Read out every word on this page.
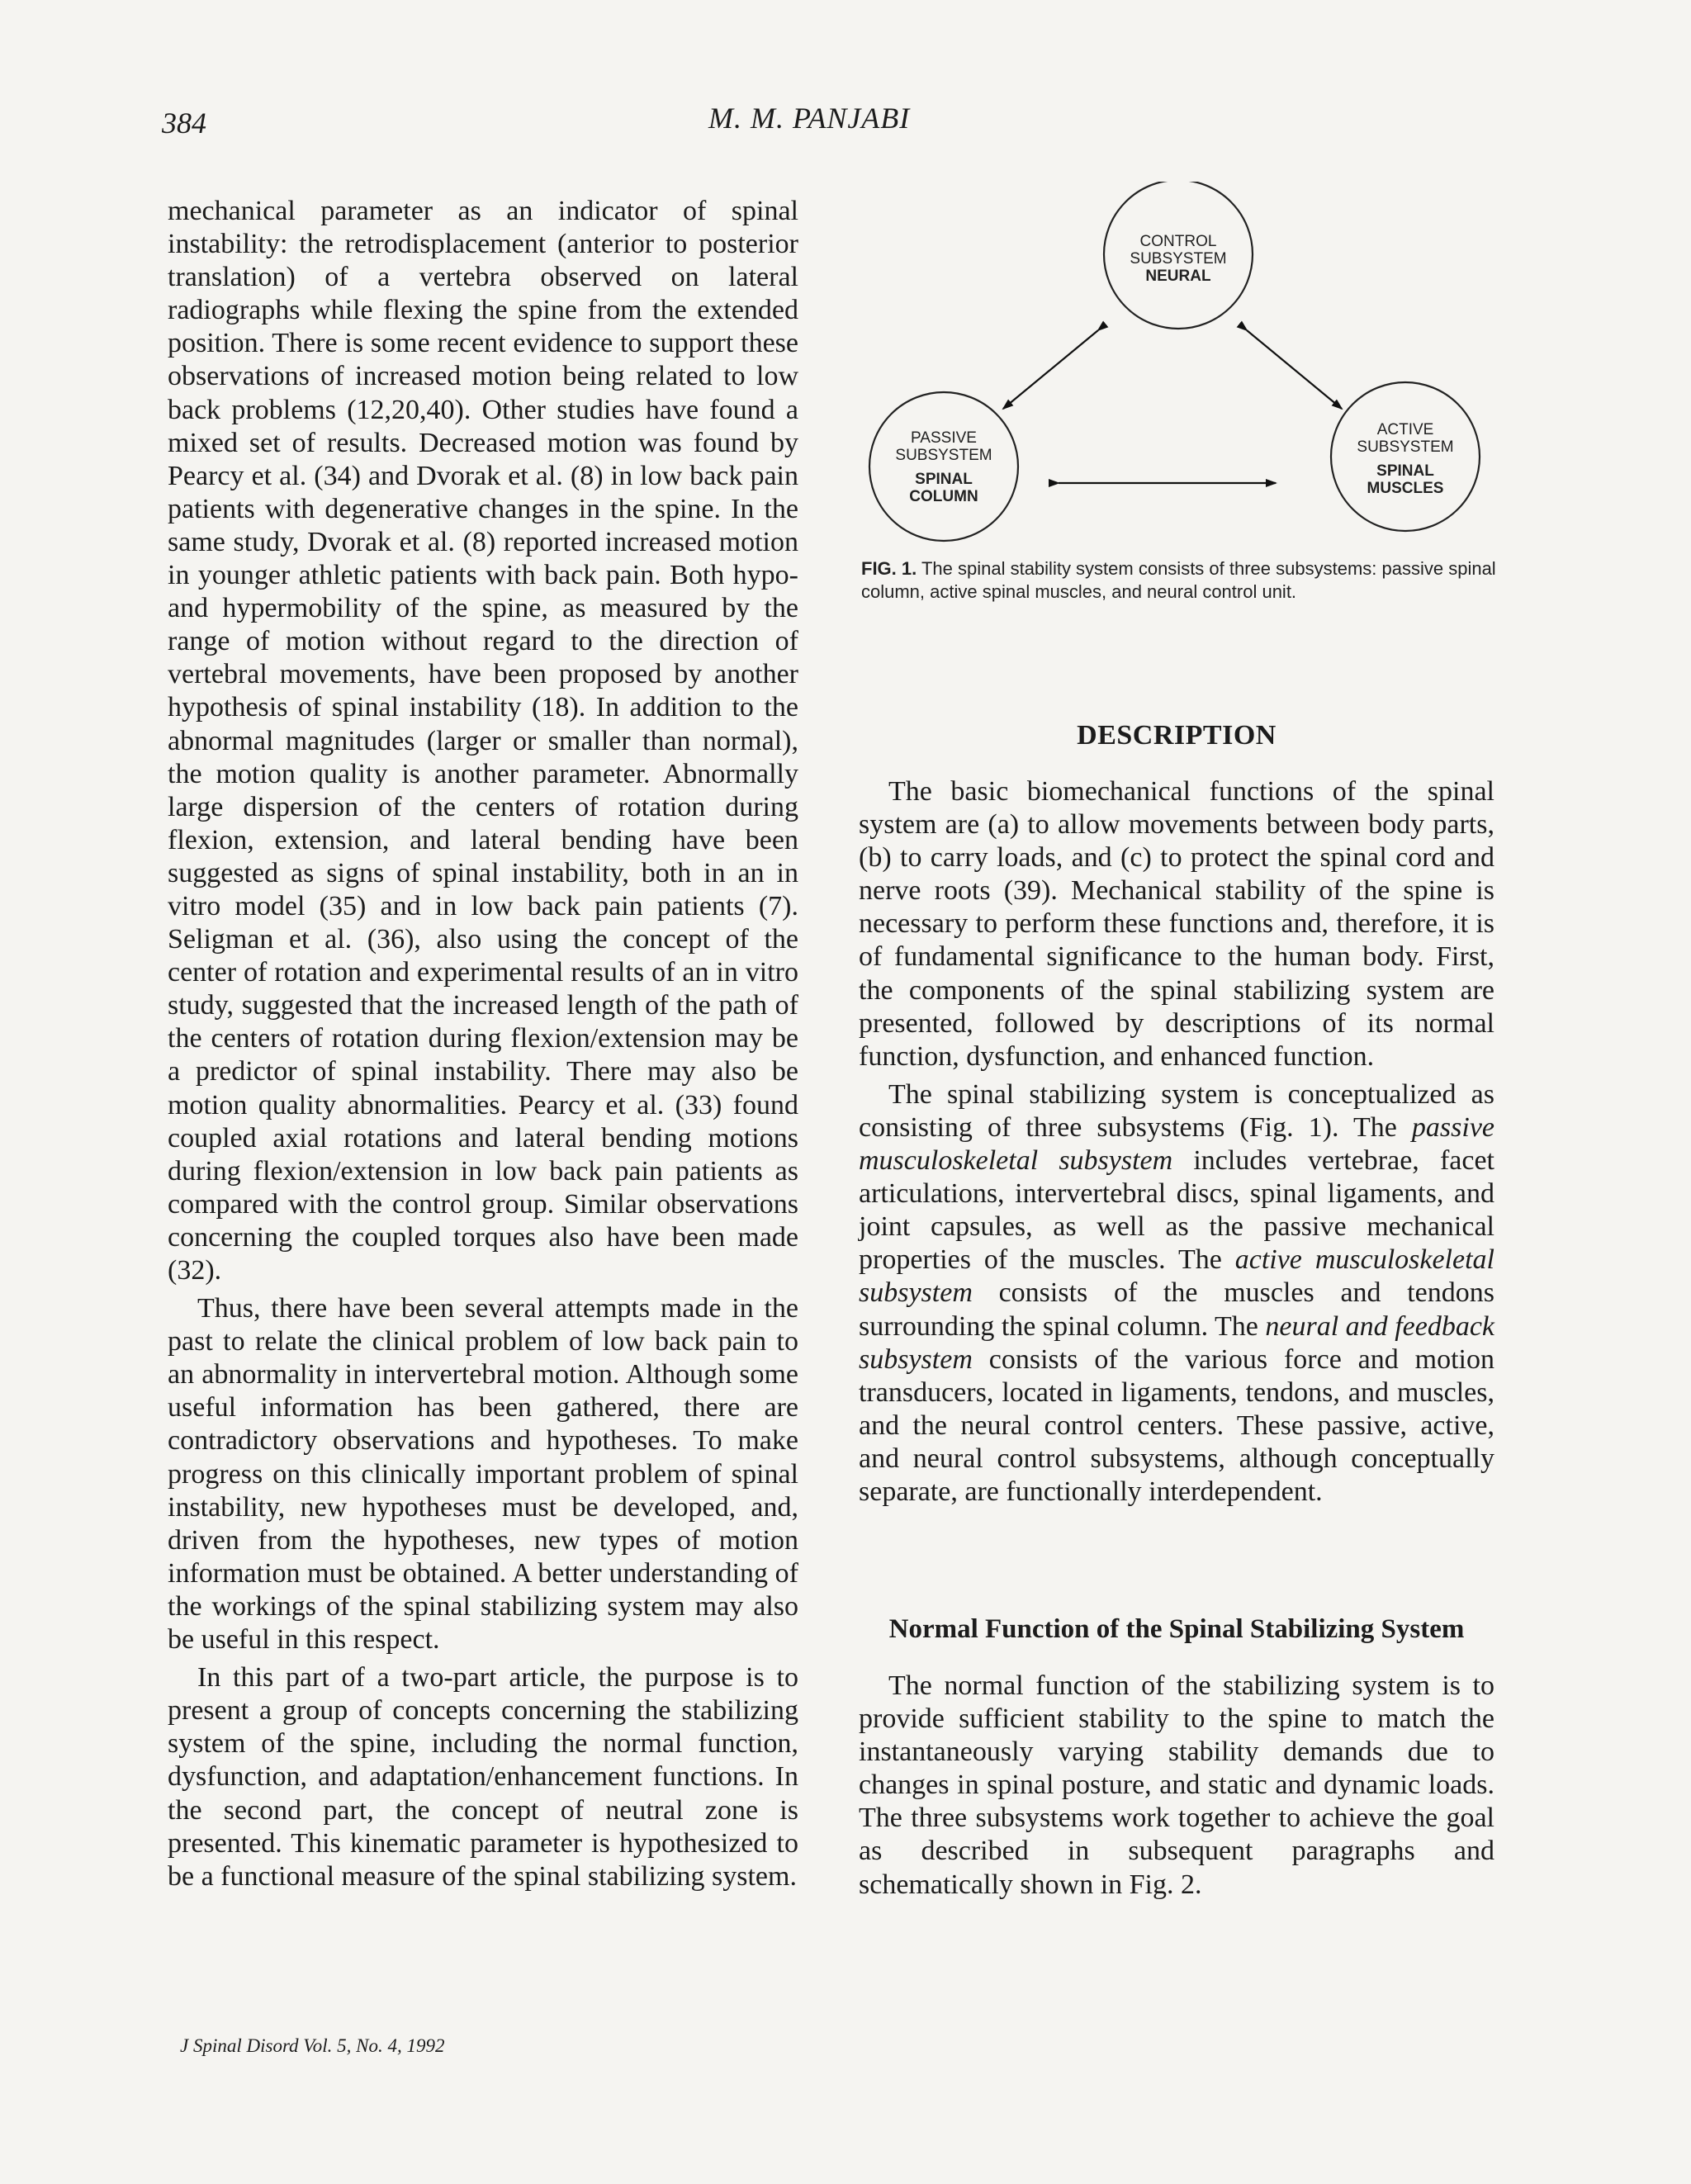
384	M. M. PANJABI

mechanical parameter as an indicator of spinal instability: the retrodisplacement (anterior to posterior translation) of a vertebra observed on lateral radiographs while flexing the spine from the extended position. There is some recent evidence to support these observations of increased motion being related to low back problems (12,20,40). Other studies have found a mixed set of results. Decreased motion was found by Pearcy et al. (34) and Dvorak et al. (8) in low back pain patients with degenerative changes in the spine. In the same study, Dvorak et al. (8) reported increased motion in younger athletic patients with back pain. Both hypo- and hypermobility of the spine, as measured by the range of motion without regard to the direction of vertebral movements, have been proposed by another hypothesis of spinal instability (18). In addition to the abnormal magnitudes (larger or smaller than normal), the motion quality is another parameter. Abnormally large dispersion of the centers of rotation during flexion, extension, and lateral bending have been suggested as signs of spinal instability, both in an in vitro model (35) and in low back pain patients (7). Seligman et al. (36), also using the concept of the center of rotation and experimental results of an in vitro study, suggested that the increased length of the path of the centers of rotation during flexion/extension may be a predictor of spinal instability. There may also be motion quality abnormalities. Pearcy et al. (33) found coupled axial rotations and lateral bending motions during flexion/extension in low back pain patients as compared with the control group. Similar observations concerning the coupled torques also have been made (32).

Thus, there have been several attempts made in the past to relate the clinical problem of low back pain to an abnormality in intervertebral motion. Although some useful information has been gathered, there are contradictory observations and hypotheses. To make progress on this clinically important problem of spinal instability, new hypotheses must be developed, and, driven from the hypotheses, new types of motion information must be obtained. A better understanding of the workings of the spinal stabilizing system may also be useful in this respect.

In this part of a two-part article, the purpose is to present a group of concepts concerning the stabilizing system of the spine, including the normal function, dysfunction, and adaptation/enhancement functions. In the second part, the concept of neutral zone is presented. This kinematic parameter is hypothesized to be a functional measure of the spinal stabilizing system.

CONTROL
SUBSYSTEM
NEURAL
PASSIVE
SUBSYSTEM
SPINAL
COLUMN
ACTIVE
SUBSYSTEM
SPINAL
MUSCLES
FIG. 1. The spinal stability system consists of three subsystems: passive spinal column, active spinal muscles, and neural control unit.
DESCRIPTION

The basic biomechanical functions of the spinal system are (a) to allow movements between body parts, (b) to carry loads, and (c) to protect the spinal cord and nerve roots (39). Mechanical stability of the spine is necessary to perform these functions and, therefore, it is of fundamental significance to the human body. First, the components of the spinal stabilizing system are presented, followed by descriptions of its normal function, dysfunction, and enhanced function.

The spinal stabilizing system is conceptualized as consisting of three subsystems (Fig. 1). The passive musculoskeletal subsystem includes vertebrae, facet articulations, intervertebral discs, spinal ligaments, and joint capsules, as well as the passive mechanical properties of the muscles. The active musculoskeletal subsystem consists of the muscles and tendons surrounding the spinal column. The neural and feedback subsystem consists of the various force and motion transducers, located in ligaments, tendons, and muscles, and the neural control centers. These passive, active, and neural control subsystems, although conceptually separate, are functionally interdependent.

Normal Function of the Spinal Stabilizing System

The normal function of the stabilizing system is to provide sufficient stability to the spine to match the instantaneously varying stability demands due to changes in spinal posture, and static and dynamic loads. The three subsystems work together to achieve the goal as described in subsequent paragraphs and schematically shown in Fig. 2.

J Spinal Disord Vol. 5, No. 4, 1992
